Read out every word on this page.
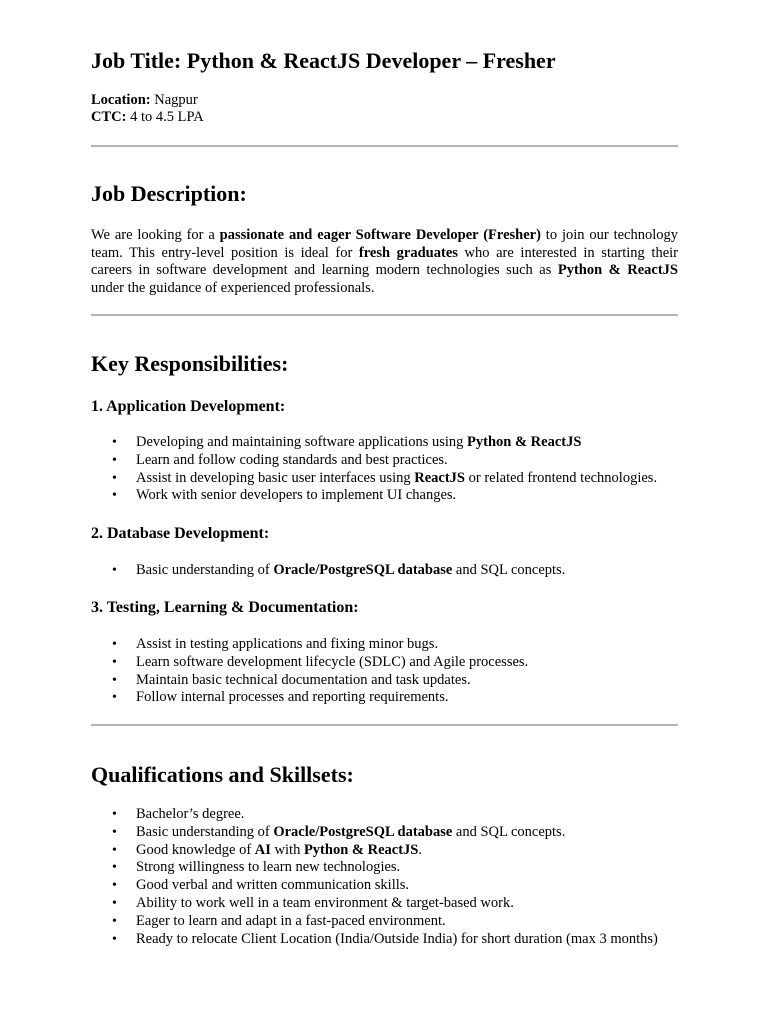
Job Title: Python & ReactJS Developer – Fresher
Location: Nagpur
CTC: 4 to 4.5 LPA
Job Description:

We are looking for a passionate and eager Software Developer (Fresher) to join our technology team. This entry-level position is ideal for fresh graduates who are interested in starting their careers in software development and learning modern technologies such as Python & ReactJS under the guidance of experienced professionals.

Key Responsibilities:
1. Application Development:
• Developing and maintaining software applications using Python & ReactJS
• Learn and follow coding standards and best practices.
• Assist in developing basic user interfaces using ReactJS or related frontend technologies.
• Work with senior developers to implement UI changes.
2. Database Development:
• Basic understanding of Oracle/PostgreSQL database and SQL concepts.
3. Testing, Learning & Documentation:
• Assist in testing applications and fixing minor bugs.
• Learn software development lifecycle (SDLC) and Agile processes.
• Maintain basic technical documentation and task updates.
• Follow internal processes and reporting requirements.
Qualifications and Skillsets:
• Bachelor’s degree.
• Basic understanding of Oracle/PostgreSQL database and SQL concepts.
• Good knowledge of AI with Python & ReactJS.
• Strong willingness to learn new technologies.
• Good verbal and written communication skills.
• Ability to work well in a team environment & target-based work.
• Eager to learn and adapt in a fast-paced environment.
• Ready to relocate Client Location (India/Outside India) for short duration (max 3 months)
